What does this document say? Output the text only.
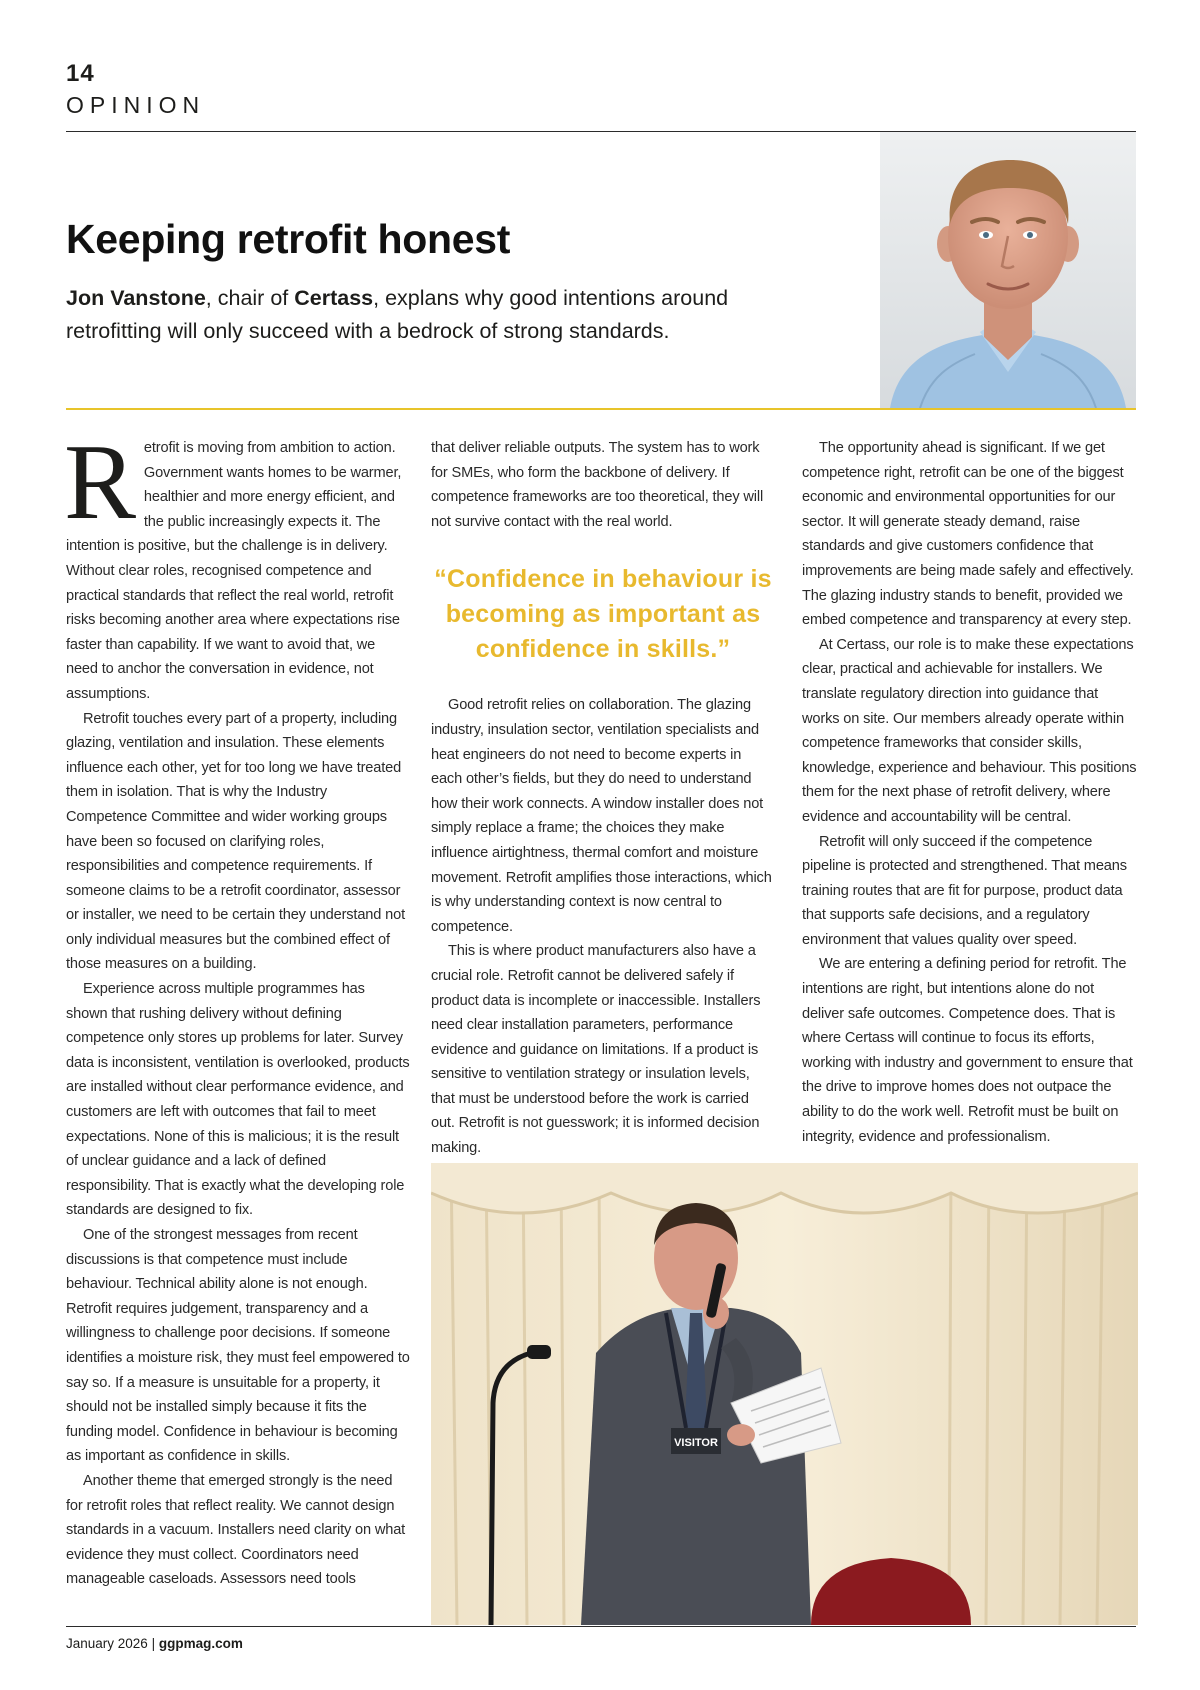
14
OPINION
Keeping retrofit honest
Jon Vanstone, chair of Certass, explans why good intentions around retrofitting will only succeed with a bedrock of strong standards.

Retrofit is moving from ambition to action. Government wants homes to be warmer, healthier and more energy efficient, and the public increasingly expects it. The intention is positive, but the challenge is in delivery. Without clear roles, recognised competence and practical standards that reflect the real world, retrofit risks becoming another area where expectations rise faster than capability. If we want to avoid that, we need to anchor the conversation in evidence, not assumptions.

Retrofit touches every part of a property, including glazing, ventilation and insulation. These elements influence each other, yet for too long we have treated them in isolation. That is why the Industry Competence Committee and wider working groups have been so focused on clarifying roles, responsibilities and competence requirements. If someone claims to be a retrofit coordinator, assessor or installer, we need to be certain they understand not only individual measures but the combined effect of those measures on a building.

Experience across multiple programmes has shown that rushing delivery without defining competence only stores up problems for later. Survey data is inconsistent, ventilation is overlooked, products are installed without clear performance evidence, and customers are left with outcomes that fail to meet expectations. None of this is malicious; it is the result of unclear guidance and a lack of defined responsibility. That is exactly what the developing role standards are designed to fix.

One of the strongest messages from recent discussions is that competence must include behaviour. Technical ability alone is not enough. Retrofit requires judgement, transparency and a willingness to challenge poor decisions. If someone identifies a moisture risk, they must feel empowered to say so. If a measure is unsuitable for a property, it should not be installed simply because it fits the funding model. Confidence in behaviour is becoming as important as confidence in skills.

Another theme that emerged strongly is the need for retrofit roles that reflect reality. We cannot design standards in a vacuum. Installers need clarity on what evidence they must collect. Coordinators need manageable caseloads. Assessors need tools

that deliver reliable outputs. The system has to work for SMEs, who form the backbone of delivery. If competence frameworks are too theoretical, they will not survive contact with the real world.

“Confidence in behaviour is becoming as important as confidence in skills.”

Good retrofit relies on collaboration. The glazing industry, insulation sector, ventilation specialists and heat engineers do not need to become experts in each other’s fields, but they do need to understand how their work connects. A window installer does not simply replace a frame; the choices they make influence airtightness, thermal comfort and moisture movement. Retrofit amplifies those interactions, which is why understanding context is now central to competence.

This is where product manufacturers also have a crucial role. Retrofit cannot be delivered safely if product data is incomplete or inaccessible. Installers need clear installation parameters, performance evidence and guidance on limitations. If a product is sensitive to ventilation strategy or insulation levels, that must be understood before the work is carried out. Retrofit is not guesswork; it is informed decision making.

The opportunity ahead is significant. If we get competence right, retrofit can be one of the biggest economic and environmental opportunities for our sector. It will generate steady demand, raise standards and give customers confidence that improvements are being made safely and effectively. The glazing industry stands to benefit, provided we embed competence and transparency at every step.

At Certass, our role is to make these expectations clear, practical and achievable for installers. We translate regulatory direction into guidance that works on site. Our members already operate within competence frameworks that consider skills, knowledge, experience and behaviour. This positions them for the next phase of retrofit delivery, where evidence and accountability will be central.

Retrofit will only succeed if the competence pipeline is protected and strengthened. That means training routes that are fit for purpose, product data that supports safe decisions, and a regulatory environment that values quality over speed.

We are entering a defining period for retrofit. The intentions are right, but intentions alone do not deliver safe outcomes. Competence does. That is where Certass will continue to focus its efforts, working with industry and government to ensure that the drive to improve homes does not outpace the ability to do the work well. Retrofit must be built on integrity, evidence and professionalism.

VISITOR
January 2026 | ggpmag.com
